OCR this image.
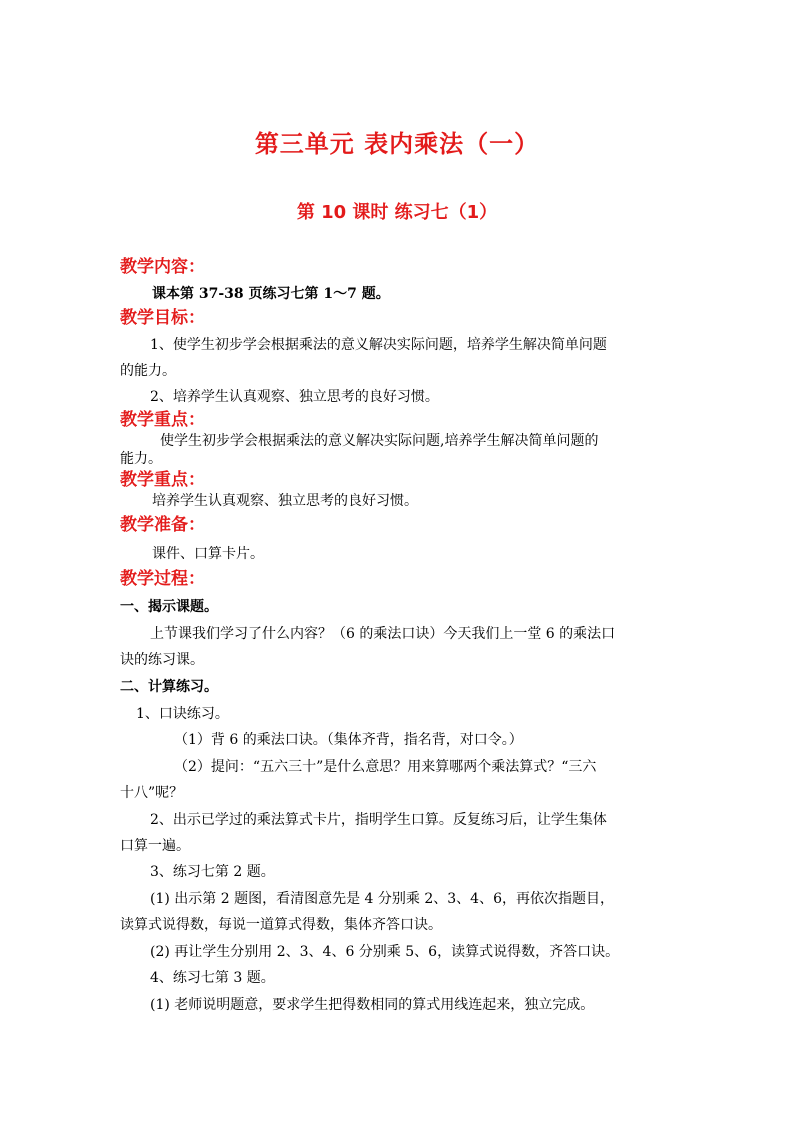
第三单元 表内乘法（一）
第 10 课时 练习七（1）
教学内容：
课本第 37-38 页练习七第 1～7 题。
教学目标：
1、使学生初步学会根据乘法的意义解决实际问题，培养学生解决简单问题
的能力。
2、培养学生认真观察、独立思考的良好习惯。
教学重点：
使学生初步学会根据乘法的意义解决实际问题,培养学生解决简单问题的
能力。
教学重点：
培养学生认真观察、独立思考的良好习惯。
教学准备：
课件、口算卡片。
教学过程：
一、揭示课题。
上节课我们学习了什么内容？（6 的乘法口诀）今天我们上一堂 6 的乘法口
诀的练习课。
二、计算练习。
1、口诀练习。
（1）背 6 的乘法口诀。（集体齐背，指名背，对口令。）
（2）提问：“五六三十”是什么意思？用来算哪两个乘法算式？“三六
十八”呢？
2、出示已学过的乘法算式卡片，指明学生口算。反复练习后，让学生集体
口算一遍。
3、练习七第 2 题。
(1) 出示第 2 题图，看清图意先是 4 分别乘 2、3、4、6，再依次指题目，
读算式说得数，每说一道算式得数，集体齐答口诀。
(2) 再让学生分别用 2、3、4、6 分别乘 5、6，读算式说得数，齐答口诀。
4、练习七第 3 题。
(1) 老师说明题意，要求学生把得数相同的算式用线连起来，独立完成。
